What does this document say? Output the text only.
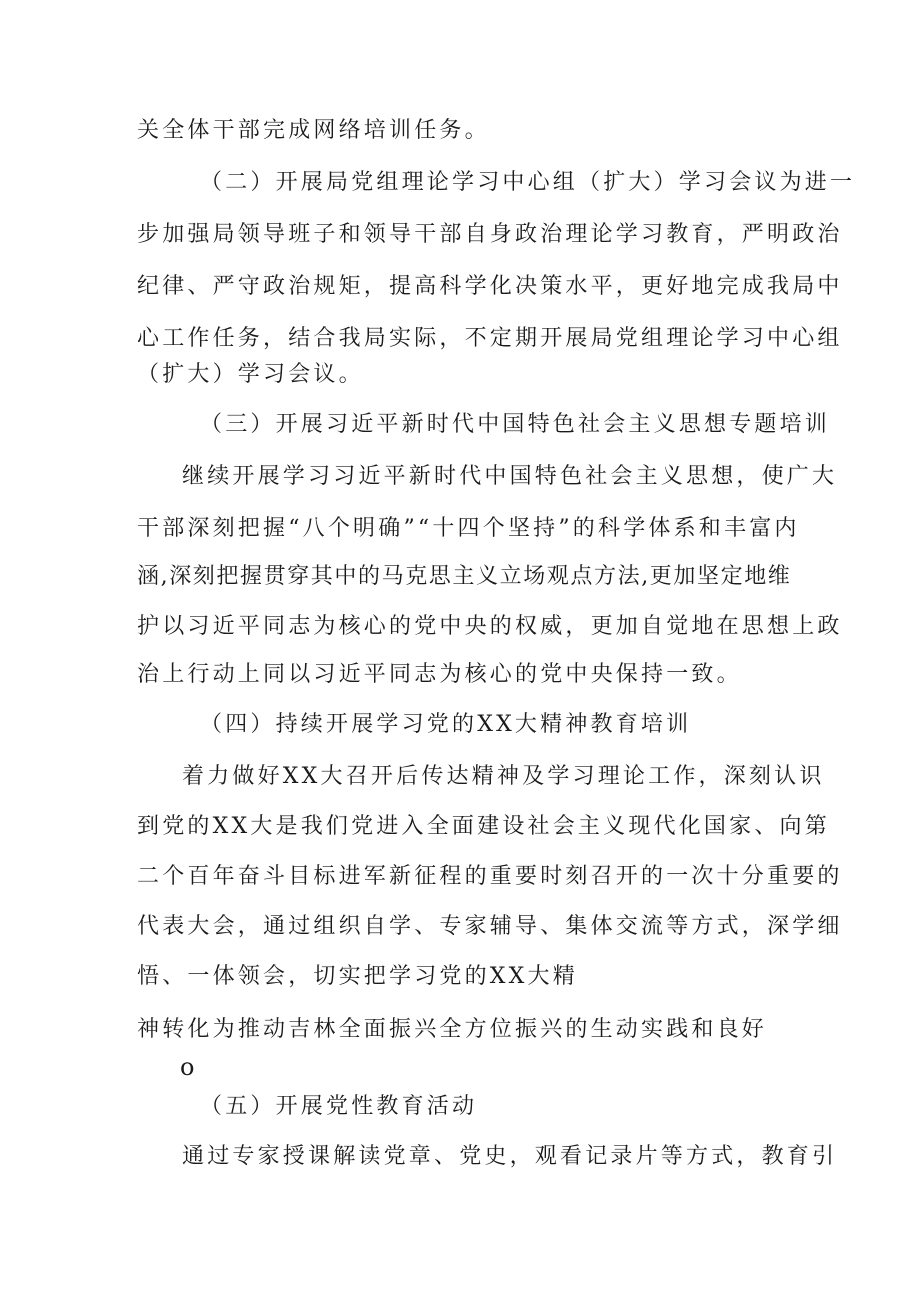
关全体干部完成网络培训任务。
（二）开展局党组理论学习中心组（扩大）学习会议为进一
步加强局领导班子和领导干部自身政治理论学习教育，严明政治
纪律、严守政治规矩，提高科学化决策水平，更好地完成我局中
心工作任务，结合我局实际，不定期开展局党组理论学习中心组
（扩大）学习会议。
（三）开展习近平新时代中国特色社会主义思想专题培训
继续开展学习习近平新时代中国特色社会主义思想，使广大
干部深刻把握“八个明确”“十四个坚持”的科学体系和丰富内
涵,深刻把握贯穿其中的马克思主义立场观点方法,更加坚定地维
护以习近平同志为核心的党中央的权威，更加自觉地在思想上政
治上行动上同以习近平同志为核心的党中央保持一致。
（四）持续开展学习党的XX大精神教育培训
着力做好XX大召开后传达精神及学习理论工作，深刻认识
到党的XX大是我们党进入全面建设社会主义现代化国家、向第
二个百年奋斗目标进军新征程的重要时刻召开的一次十分重要的
代表大会，通过组织自学、专家辅导、集体交流等方式，深学细
悟、一体领会，切实把学习党的XX大精
神转化为推动吉林全面振兴全方位振兴的生动实践和良好
o
（五）开展党性教育活动
通过专家授课解读党章、党史，观看记录片等方式，教育引
